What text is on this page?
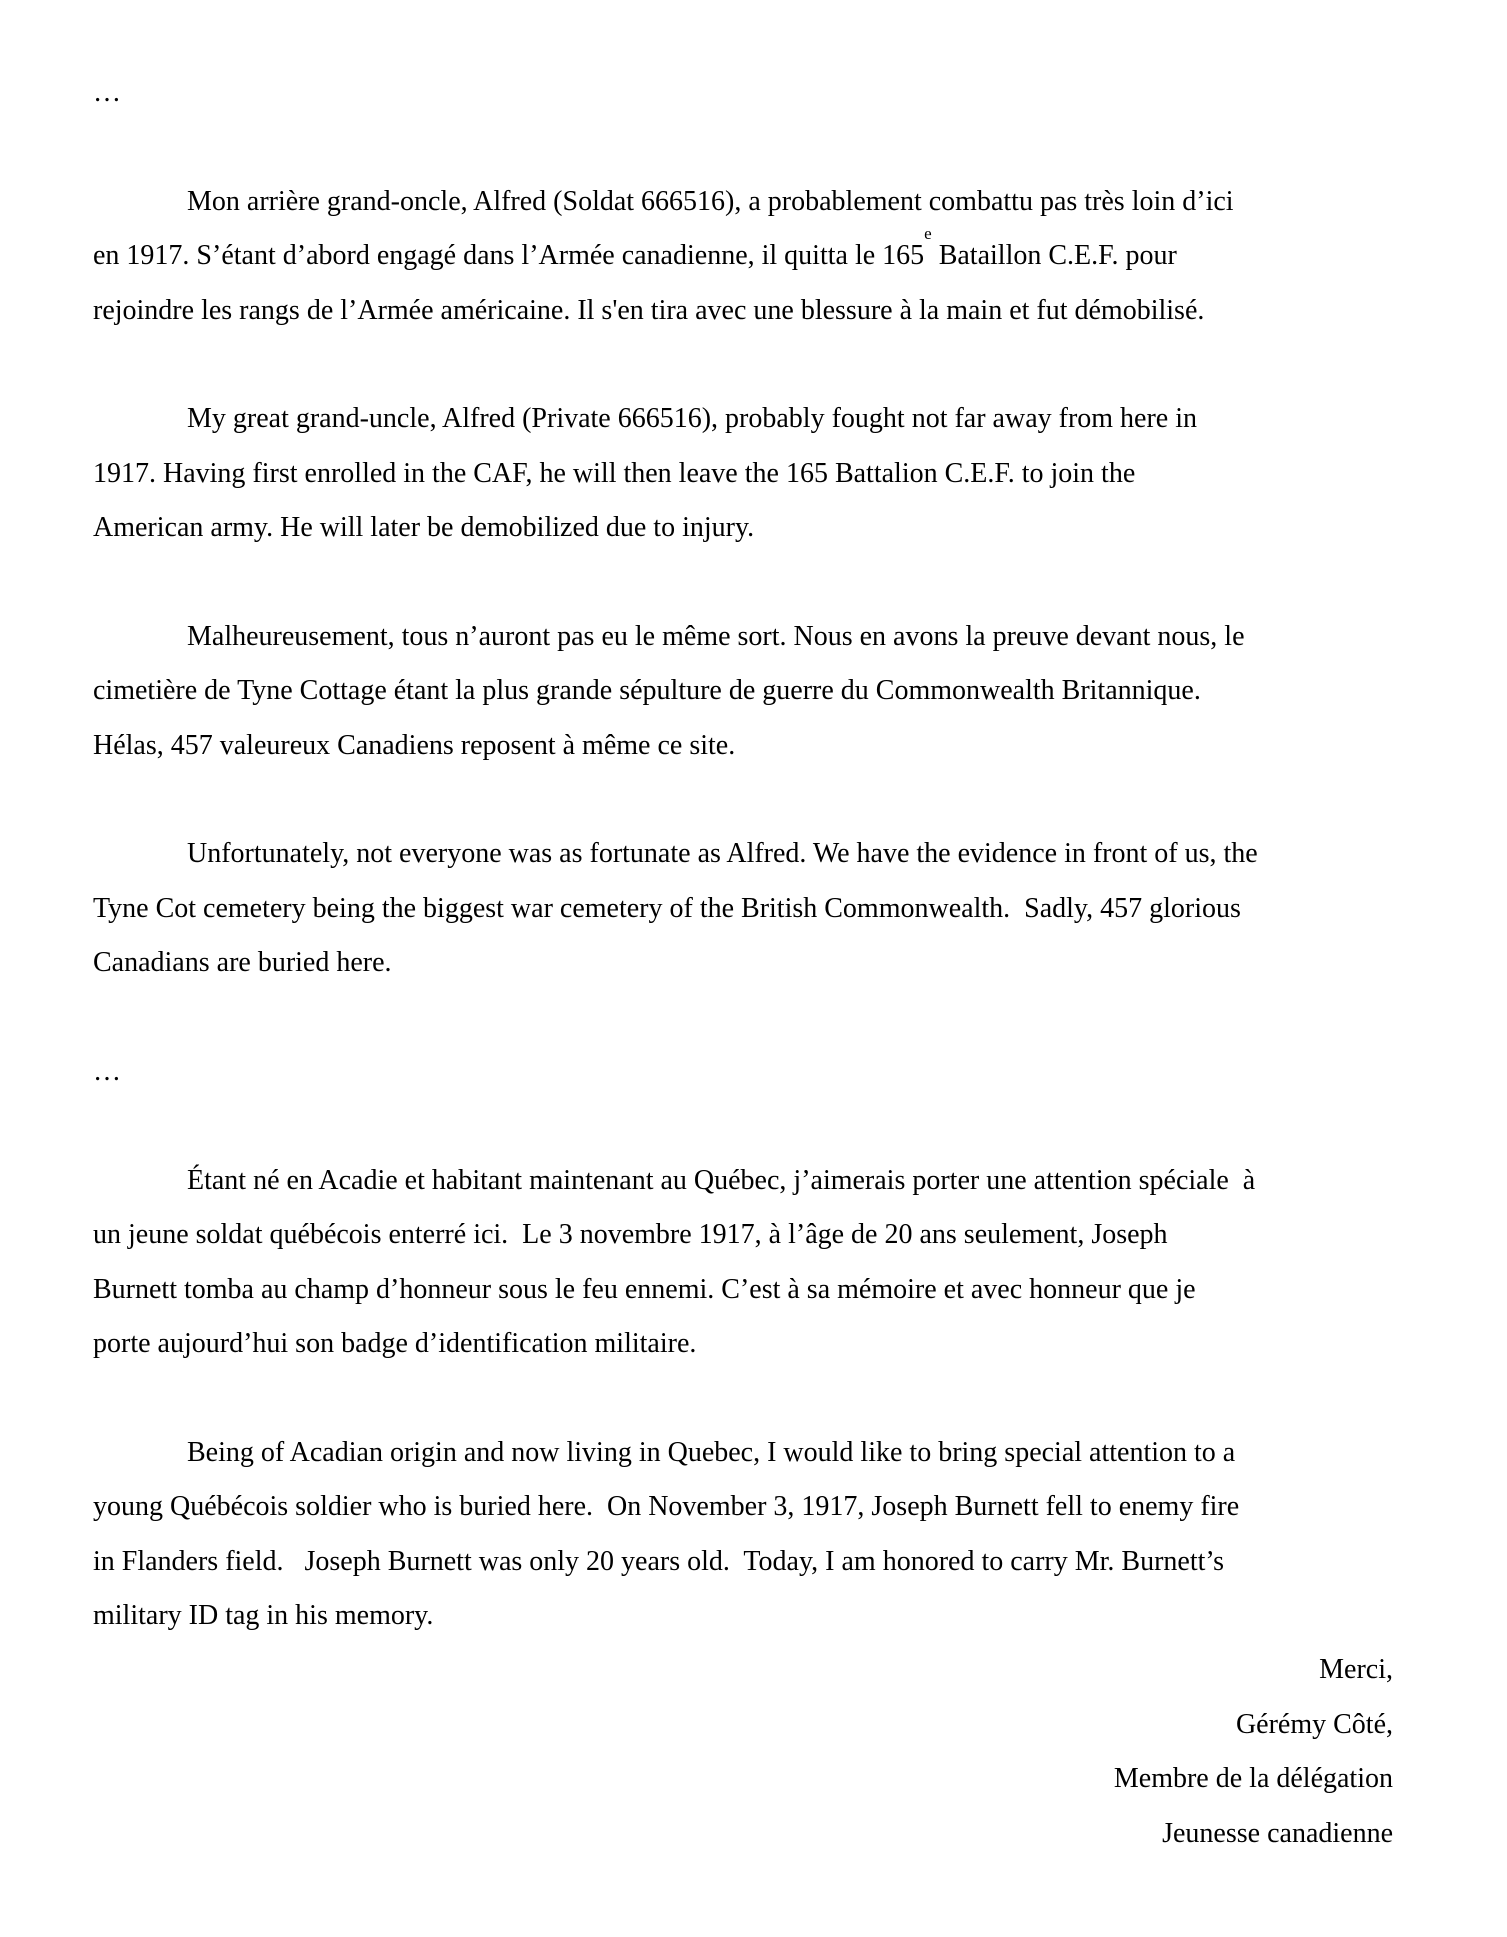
…
Mon arrière grand-oncle, Alfred (Soldat 666516), a probablement combattu pas très loin d’ici
en 1917. S’étant d’abord engagé dans l’Armée canadienne, il quitta le 165e Bataillon C.E.F. pour
rejoindre les rangs de l’Armée américaine. Il s'en tira avec une blessure à la main et fut démobilisé.
My great grand-uncle, Alfred (Private 666516), probably fought not far away from here in
1917. Having first enrolled in the CAF, he will then leave the 165 Battalion C.E.F. to join the
American army. He will later be demobilized due to injury.
Malheureusement, tous n’auront pas eu le même sort. Nous en avons la preuve devant nous, le
cimetière de Tyne Cottage étant la plus grande sépulture de guerre du Commonwealth Britannique.
Hélas, 457 valeureux Canadiens reposent à même ce site.
Unfortunately, not everyone was as fortunate as Alfred. We have the evidence in front of us, the
Tyne Cot cemetery being the biggest war cemetery of the British Commonwealth.  Sadly, 457 glorious
Canadians are buried here.
…
Étant né en Acadie et habitant maintenant au Québec, j’aimerais porter une attention spéciale  à
un jeune soldat québécois enterré ici.  Le 3 novembre 1917, à l’âge de 20 ans seulement, Joseph
Burnett tomba au champ d’honneur sous le feu ennemi. C’est à sa mémoire et avec honneur que je
porte aujourd’hui son badge d’identification militaire.
Being of Acadian origin and now living in Quebec, I would like to bring special attention to a
young Québécois soldier who is buried here.  On November 3, 1917, Joseph Burnett fell to enemy fire
in Flanders field.   Joseph Burnett was only 20 years old.  Today, I am honored to carry Mr. Burnett’s
military ID tag in his memory.
Merci,
Gérémy Côté,
Membre de la délégation
Jeunesse canadienne
